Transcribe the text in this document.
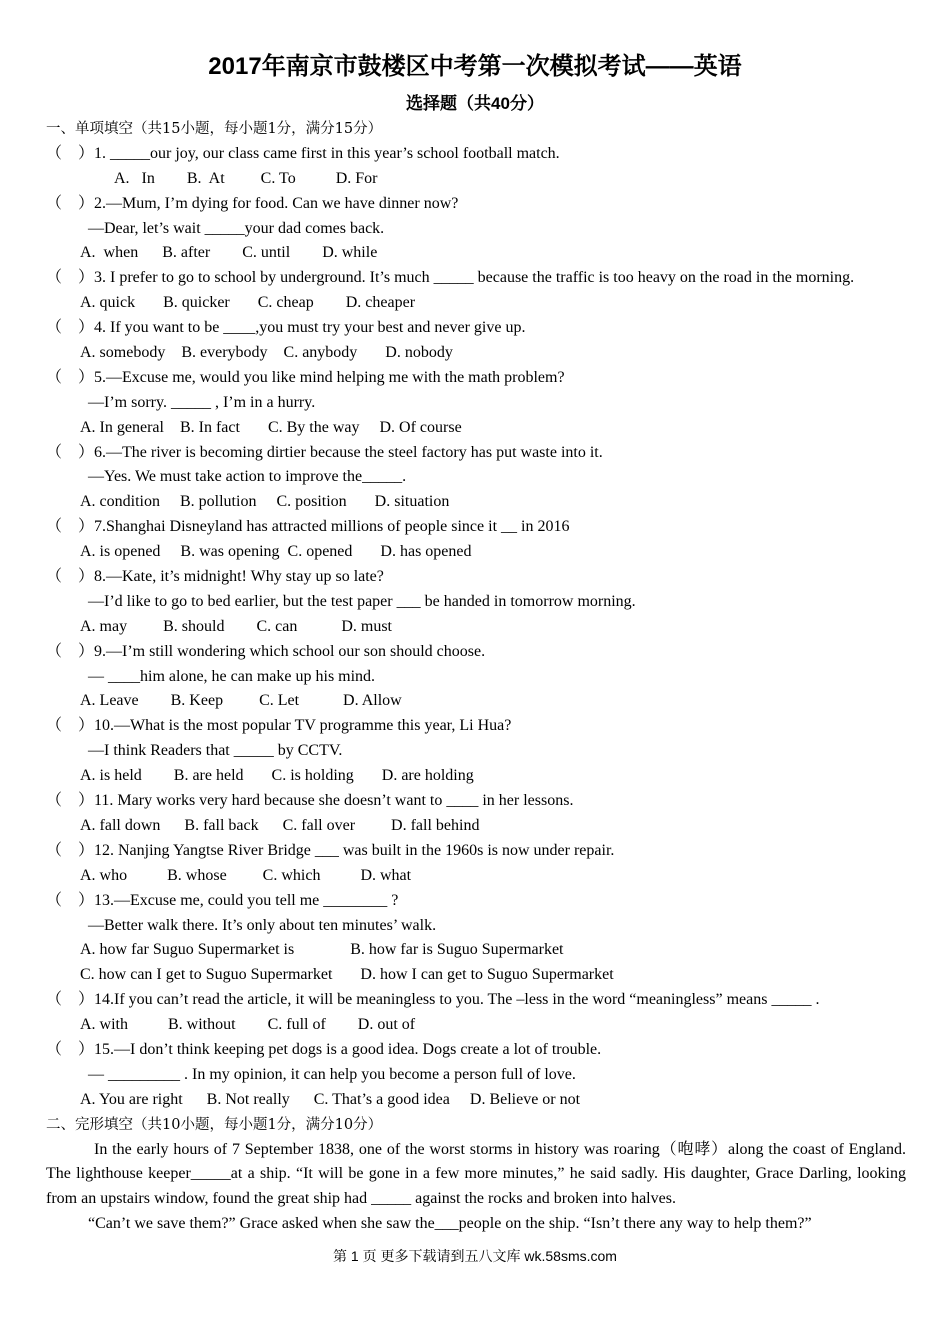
2017年南京市鼓楼区中考第一次模拟考试——英语
选择题（共40分）
一、单项填空（共15小题，每小题1分，满分15分）
（　）1. _____our joy, our class came first in this year’s school football match.
A.   In        B.  At         C. To          D. For
（　）2.—Mum, I’m dying for food. Can we have dinner now?
—Dear, let’s wait _____your dad comes back.
A.  when      B. after        C. until        D. while
（　）3. I prefer to go to school by underground. It’s much _____ because the traffic is too heavy on the road in the morning.
A. quick       B. quicker       C. cheap        D. cheaper
（　）4. If you want to be ____,you must try your best and never give up.
A. somebody    B. everybody    C. anybody       D. nobody
（　）5.—Excuse me, would you like mind helping me with the math problem?
—I’m sorry. _____ , I’m in a hurry.
A. In general    B. In fact       C. By the way     D. Of course
（　）6.—The river is becoming dirtier because the steel factory has put waste into it.
—Yes. We must take action to improve the_____.
A. condition     B. pollution     C. position       D. situation
（　）7.Shanghai Disneyland has attracted millions of people since it __ in 2016
A. is opened     B. was opening  C. opened       D. has opened
（　）8.—Kate, it’s midnight! Why stay up so late?
—I’d like to go to bed earlier, but the test paper ___ be handed in tomorrow morning.
A. may         B. should        C. can           D. must
（　）9.—I’m still wondering which school our son should choose.
— ____him alone, he can make up his mind.
A. Leave        B. Keep         C. Let           D. Allow
（　）10.—What is the most popular TV programme this year, Li Hua?
—I think Readers that _____ by CCTV.
A. is held        B. are held       C. is holding       D. are holding
（　）11. Mary works very hard because she doesn’t want to ____ in her lessons.
A. fall down      B. fall back      C. fall over         D. fall behind
（　）12. Nanjing Yangtse River Bridge ___ was built in the 1960s is now under repair.
A. who          B. whose         C. which          D. what
（　）13.—Excuse me, could you tell me ________ ?
—Better walk there. It’s only about ten minutes’ walk.
A. how far Suguo Supermarket is              B. how far is Suguo Supermarket
C. how can I get to Suguo Supermarket       D. how I can get to Suguo Supermarket
（　）14.If you can’t read the article, it will be meaningless to you. The –less in the word “meaningless” means _____ .
A. with          B. without        C. full of        D. out of
（　）15.—I don’t think keeping pet dogs is a good idea. Dogs create a lot of trouble.
— _________ . In my opinion, it can help you become a person full of love.
A. You are right      B. Not really      C. That’s a good idea     D. Believe or not
二、完形填空（共10小题，每小题1分，满分10分）
In the early hours of 7 September 1838, one of the worst storms in history was roaring（咆哮）along the coast of England. The lighthouse keeper_____at a ship. “It will be gone in a few more minutes,” he said sadly. His daughter, Grace Darling, looking from an upstairs window, found the great ship had _____ against the rocks and broken into halves.
“Can’t we save them?” Grace asked when she saw the___people on the ship. “Isn’t there any way to help them?”
第 1 页 更多下载请到五八文库 wk.58sms.com
